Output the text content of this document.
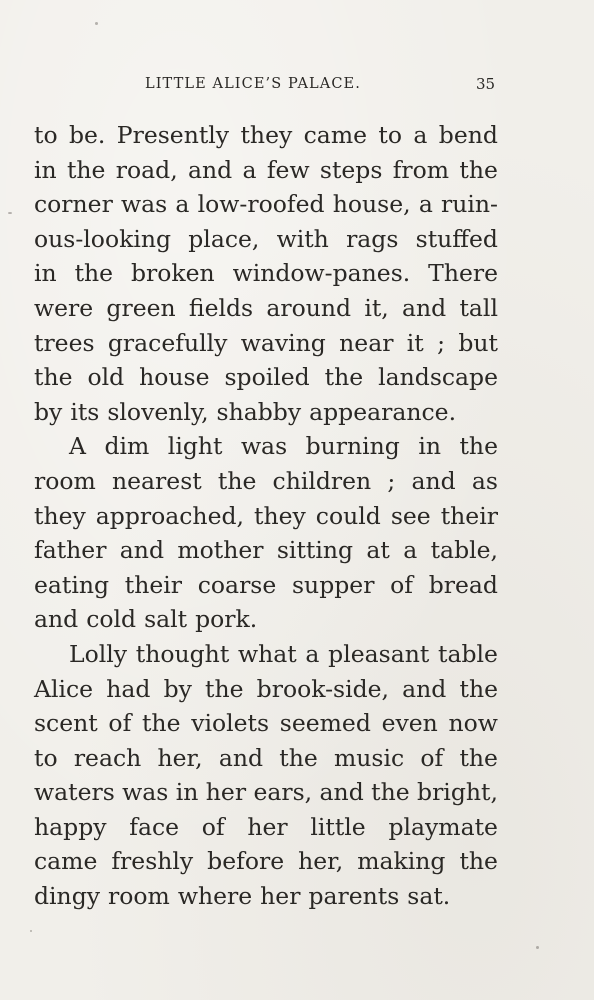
LITTLE ALICE’S PALACE.	35
to be. Presently they came to a bend
in the road, and a few steps from the
corner was a low-roofed house, a ruin-
ous-looking place, with rags stuffed
in the broken window-panes. There
were green fields around it, and tall
trees gracefully waving near it ; but
the old house spoiled the landscape
by its slovenly, shabby appearance.
A dim light was burning in the
room nearest the children ; and as
they approached, they could see their
father and mother sitting at a table,
eating their coarse supper of bread
and cold salt pork.
Lolly thought what a pleasant table
Alice had by the brook-side, and the
scent of the violets seemed even now
to reach her, and the music of the
waters was in her ears, and the bright,
happy face of her little playmate
came freshly before her, making the
dingy room where her parents sat.
